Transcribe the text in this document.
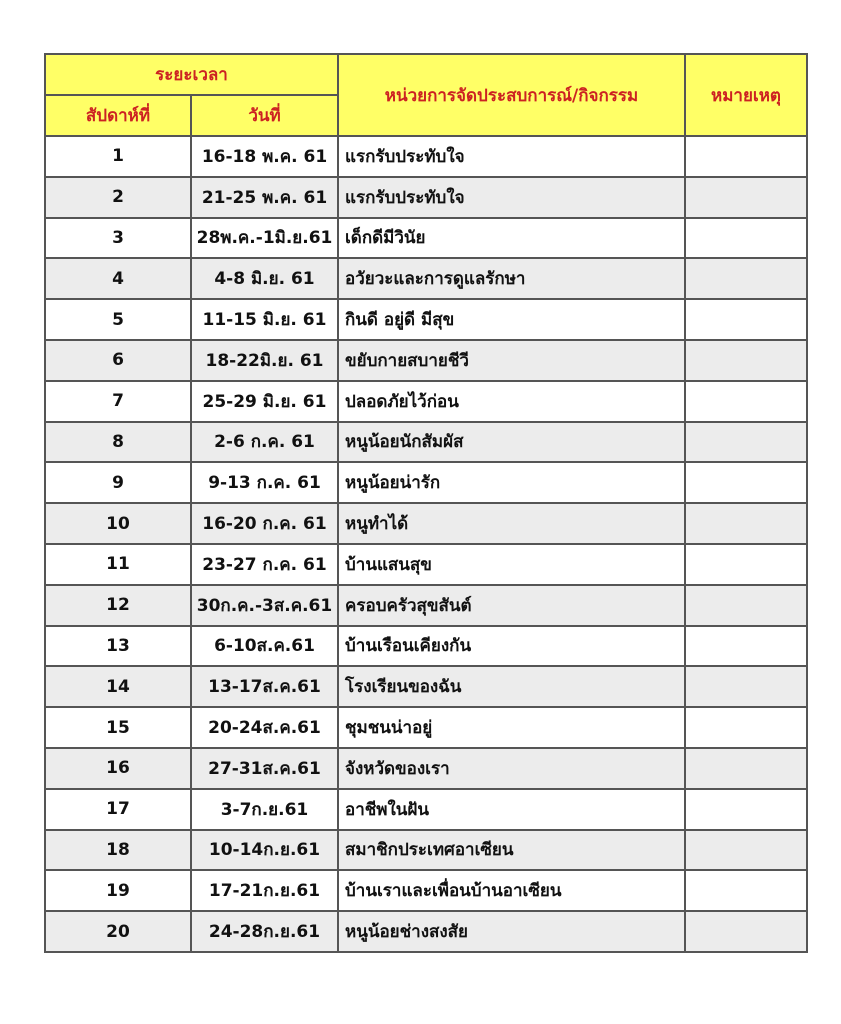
ระยะเวลา		หน่วยการจัดประสบการณ์/กิจกรรม	หมายเหตุ
สัปดาห์ที่	วันที่		
1	16-18 พ.ค. 61	แรกรับประทับใจ	
2	21-25 พ.ค. 61	แรกรับประทับใจ	
3	28พ.ค.-1มิ.ย.61	เด็กดีมีวินัย	
4	4-8 มิ.ย. 61	อวัยวะและการดูแลรักษา	
5	11-15 มิ.ย. 61	กินดี อยู่ดี มีสุข	
6	18-22มิ.ย. 61	ขยับกายสบายชีวี	
7	25-29 มิ.ย. 61	ปลอดภัยไว้ก่อน	
8	2-6 ก.ค. 61	หนูน้อยนักสัมผัส	
9	9-13 ก.ค. 61	หนูน้อยน่ารัก	
10	16-20 ก.ค. 61	หนูทำได้	
11	23-27 ก.ค. 61	บ้านแสนสุข	
12	30ก.ค.-3ส.ค.61	ครอบครัวสุขสันต์	
13	6-10ส.ค.61	บ้านเรือนเคียงกัน	
14	13-17ส.ค.61	โรงเรียนของฉัน	
15	20-24ส.ค.61	ชุมชนน่าอยู่	
16	27-31ส.ค.61	จังหวัดของเรา	
17	3-7ก.ย.61	อาชีพในฝัน	
18	10-14ก.ย.61	สมาชิกประเทศอาเซียน	
19	17-21ก.ย.61	บ้านเราและเพื่อนบ้านอาเซียน	
20	24-28ก.ย.61	หนูน้อยช่างสงสัย	
